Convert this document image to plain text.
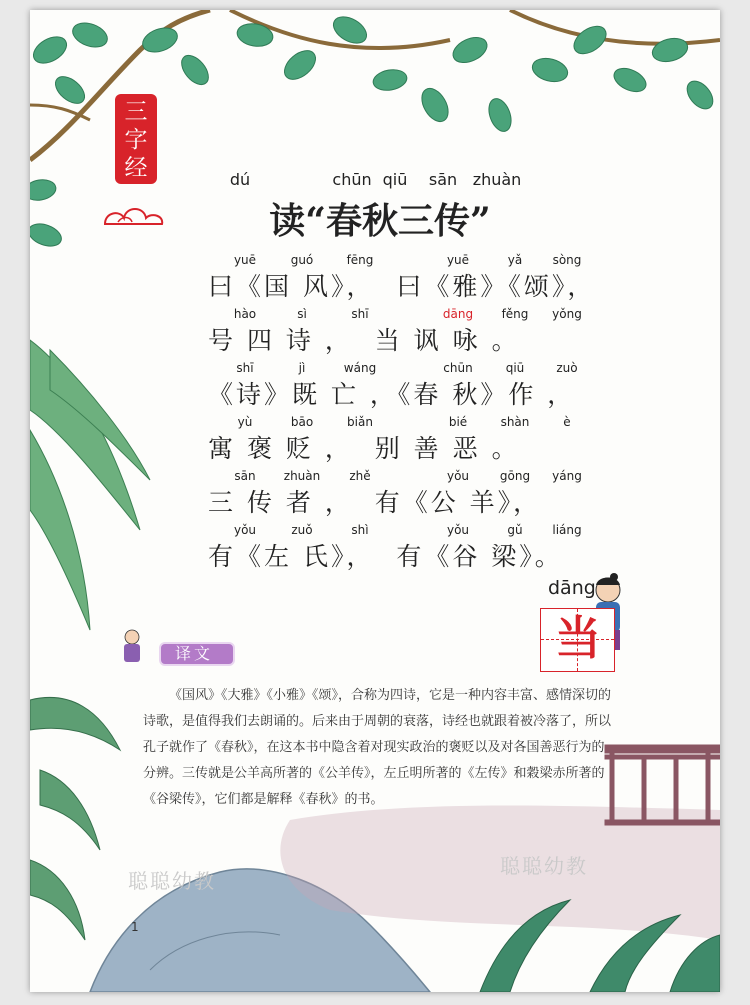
三
字
经	dú	chūn qiū	sān zhuàn
读“春秋三传”
yuē	guó	fēng	yuē	yǎ	sòng
曰《国 风》，  曰《雅》《颂》，
hào	sì	shī	dāng	fěng	yǒng
号 四 诗 ，  当 讽 咏 。
shī	jì	wáng	chūn	qiū	zuò
《诗》既 亡 ，《春 秋》作 ，
yù	bāo	biǎn	bié	shàn	è
寓 褒 贬 ，  别 善 恶 。
sān	zhuàn	zhě	yǒu	gōng	yáng
三 传 者 ，  有《公 羊》，
yǒu	zuǒ	shì	yǒu	gǔ	liáng
有《左 氏》，  有《谷 梁》。
dāng
当
译文
《国风》《大雅》《小雅》《颂》，合称为四诗，它是一种内容丰富、感情深切的诗歌，是值得我们去朗诵的。后来由于周朝的衰落，诗经也就跟着被冷落了，所以孔子就作了《春秋》，在这本书中隐含着对现实政治的褒贬以及对各国善恶行为的分辨。三传就是公羊高所著的《公羊传》，左丘明所著的《左传》和穀梁赤所著的《谷梁传》，它们都是解释《春秋》的书。
聪聪幼教
聪聪幼教
1
